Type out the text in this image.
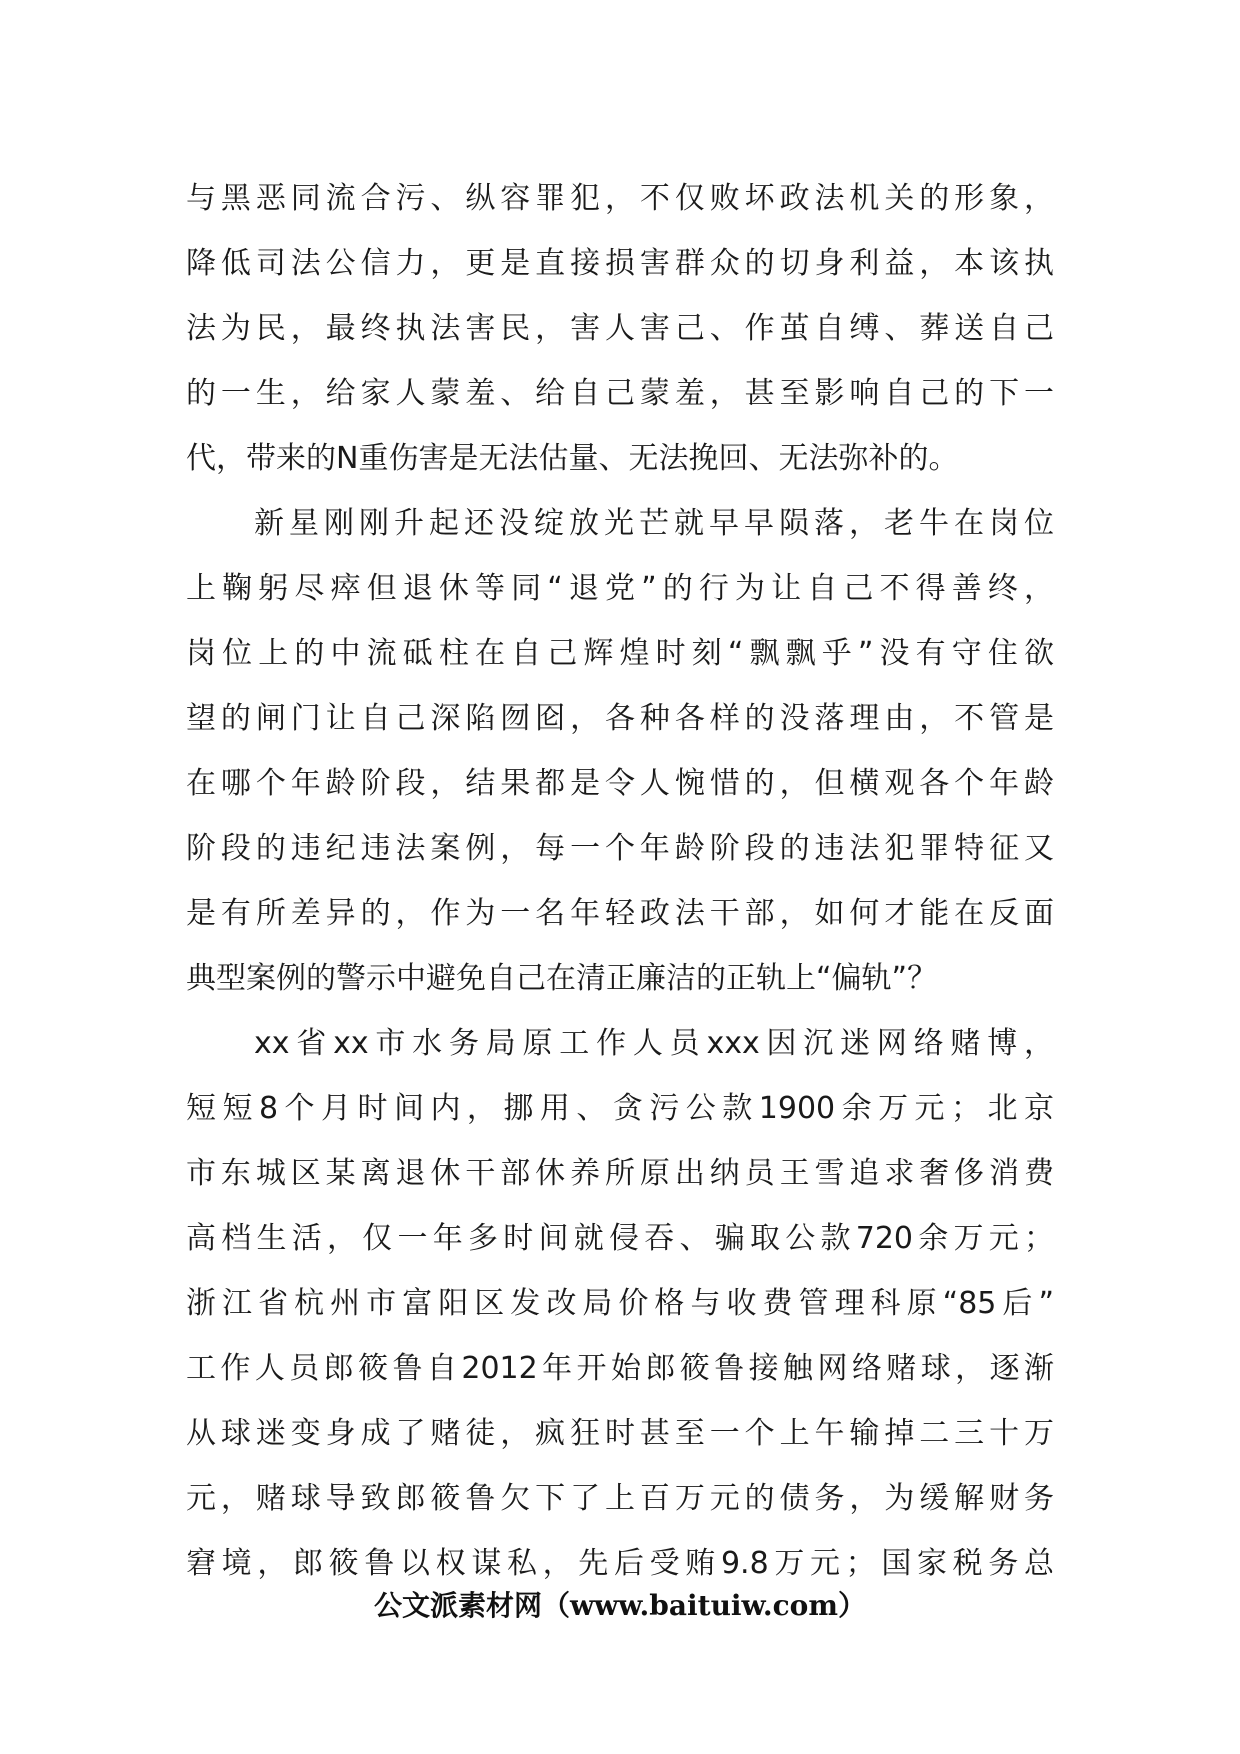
与黑恶同流合污、纵容罪犯，不仅败坏政法机关的形象，
降低司法公信力，更是直接损害群众的切身利益，本该执
法为民，最终执法害民，害人害己、作茧自缚、葬送自己
的一生，给家人蒙羞、给自己蒙羞，甚至影响自己的下一
代，带来的N重伤害是无法估量、无法挽回、无法弥补的。
新星刚刚升起还没绽放光芒就早早陨落，老牛在岗位
上鞠躬尽瘁但退休等同“退党”的行为让自己不得善终，
岗位上的中流砥柱在自己辉煌时刻“飘飘乎”没有守住欲
望的闸门让自己深陷囫囵，各种各样的没落理由，不管是
在哪个年龄阶段，结果都是令人惋惜的，但横观各个年龄
阶段的违纪违法案例，每一个年龄阶段的违法犯罪特征又
是有所差异的，作为一名年轻政法干部，如何才能在反面
典型案例的警示中避免自己在清正廉洁的正轨上“偏轨”？
xx省xx市水务局原工作人员xxx因沉迷网络赌博，
短短8个月时间内，挪用、贪污公款1900余万元；北京
市东城区某离退休干部休养所原出纳员王雪追求奢侈消费
高档生活，仅一年多时间就侵吞、骗取公款720余万元；
浙江省杭州市富阳区发改局价格与收费管理科原“85后”
工作人员郎筱鲁自2012年开始郎筱鲁接触网络赌球，逐渐
从球迷变身成了赌徒，疯狂时甚至一个上午输掉二三十万
元，赌球导致郎筱鲁欠下了上百万元的债务，为缓解财务
窘境，郎筱鲁以权谋私，先后受贿9.8万元；国家税务总
公文派素材网（www.baituiw.com）
